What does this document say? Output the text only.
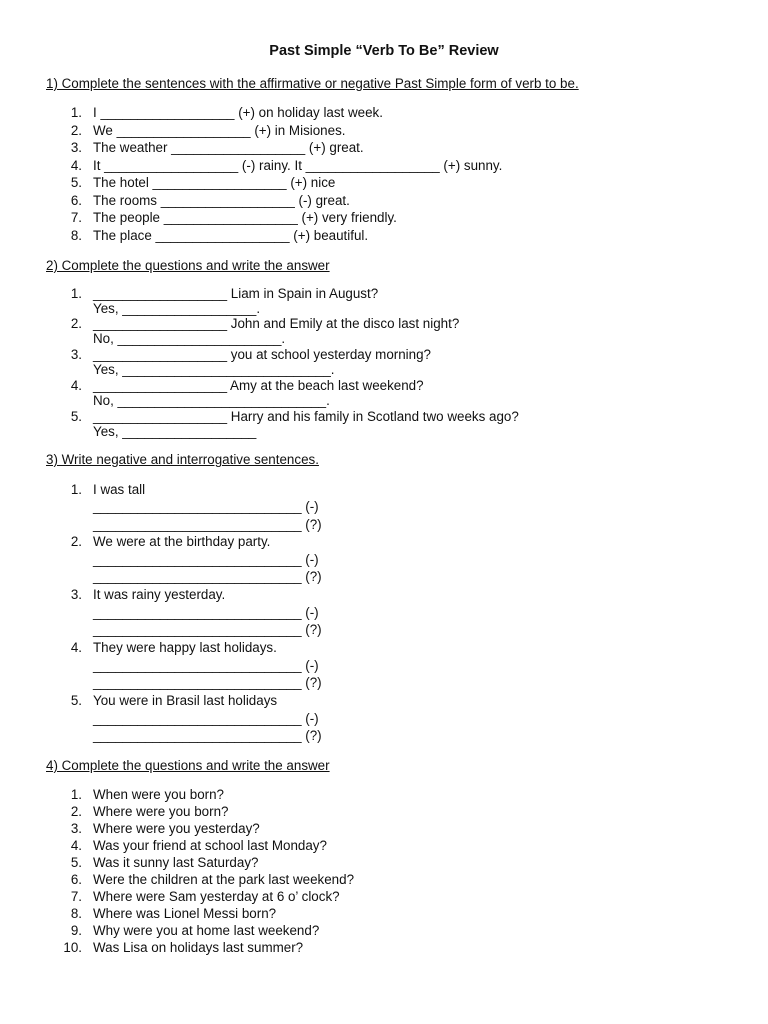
Past Simple “Verb To Be” Review
1) Complete the sentences with the affirmative or negative Past Simple form of verb to be.
1. I __________________ (+) on holiday last week.
2. We __________________ (+) in Misiones.
3. The weather __________________ (+) great.
4. It __________________ (-) rainy. It __________________ (+) sunny.
5. The hotel __________________ (+) nice
6. The rooms __________________ (-) great.
7. The people __________________ (+) very friendly.
8. The place __________________ (+) beautiful.
2) Complete the questions and write the answer
1. __________________ Liam in Spain in August?
Yes, __________________.
2. __________________ John and Emily at the disco last night?
No, ______________________.
3. __________________ you at school yesterday morning?
Yes, ____________________________.
4. __________________ Amy at the beach last weekend?
No, ____________________________.
5. __________________ Harry and his family in Scotland two weeks ago?
Yes, __________________
3) Write negative and interrogative sentences.
1. I was tall
____________________________ (-)
____________________________ (?)
2. We were at the birthday party.
____________________________ (-)
____________________________ (?)
3. It was rainy yesterday.
____________________________ (-)
____________________________ (?)
4. They were happy last holidays.
____________________________ (-)
____________________________ (?)
5. You were in Brasil last holidays
____________________________ (-)
____________________________ (?)
4) Complete the questions and write the answer
1. When were you born?
2. Where were you born?
3. Where were you yesterday?
4. Was your friend at school last Monday?
5. Was it sunny last Saturday?
6. Were the children at the park last weekend?
7. Where were Sam yesterday at 6 o’ clock?
8. Where was Lionel Messi born?
9. Why were you at home last weekend?
10. Was Lisa on holidays last summer?
